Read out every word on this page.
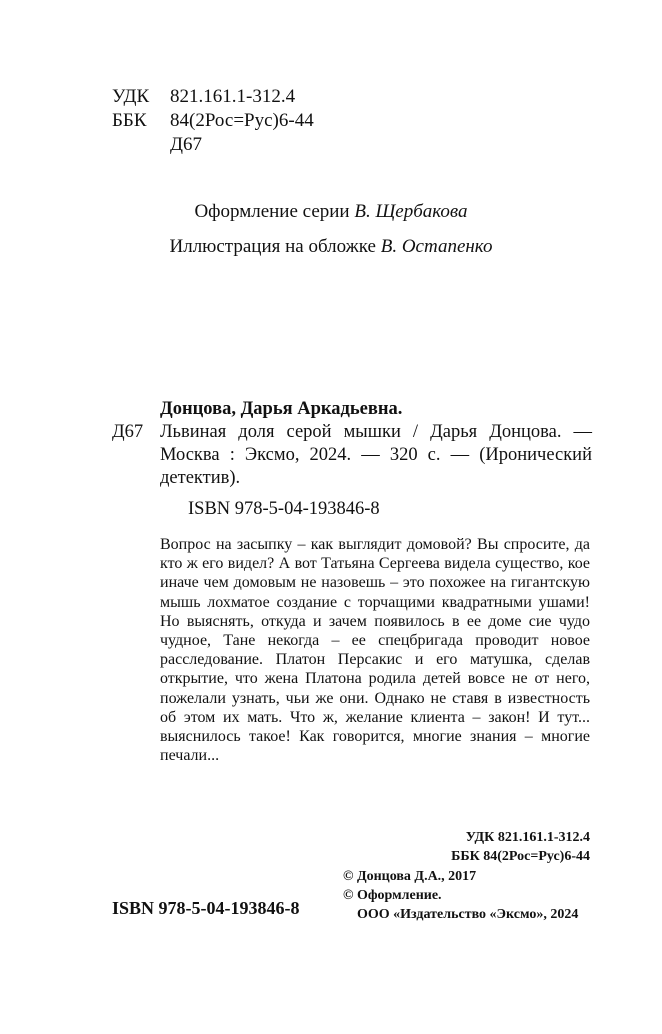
УДК	821.161.1-312.4
ББК	84(2Рос=Рус)6-44
Д67
Оформление серии В. Щербакова
Иллюстрация на обложке В. Остапенко
Д67
Донцова, Дарья Аркадьевна.
Львиная доля серой мышки / Дарья Донцова. — Москва : Эксмо, 2024. — 320 с. — (Иронический детектив).
ISBN 978-5-04-193846-8
Вопрос на засыпку – как выглядит домовой? Вы спросите, да кто ж его видел? А вот Татьяна Сергеева видела существо, кое иначе чем домовым не назовешь – это похожее на гигантскую мышь лохматое создание с торчащими квадратными ушами! Но выяснять, откуда и зачем появилось в ее доме сие чудо чудное, Тане некогда – ее спецбригада проводит новое расследование. Платон Персакис и его матушка, сделав открытие, что жена Платона родила детей вовсе не от него, пожелали узнать, чьи же они. Однако не ставя в известность об этом их мать. Что ж, желание клиента – закон! И тут... выяснилось такое! Как говорится, многие знания – многие печали...
УДК 821.161.1-312.4
ББК 84(2Рос=Рус)6-44
© Донцова Д.А., 2017
© Оформление.
ООО «Издательство «Эксмо», 2024
ISBN 978-5-04-193846-8
